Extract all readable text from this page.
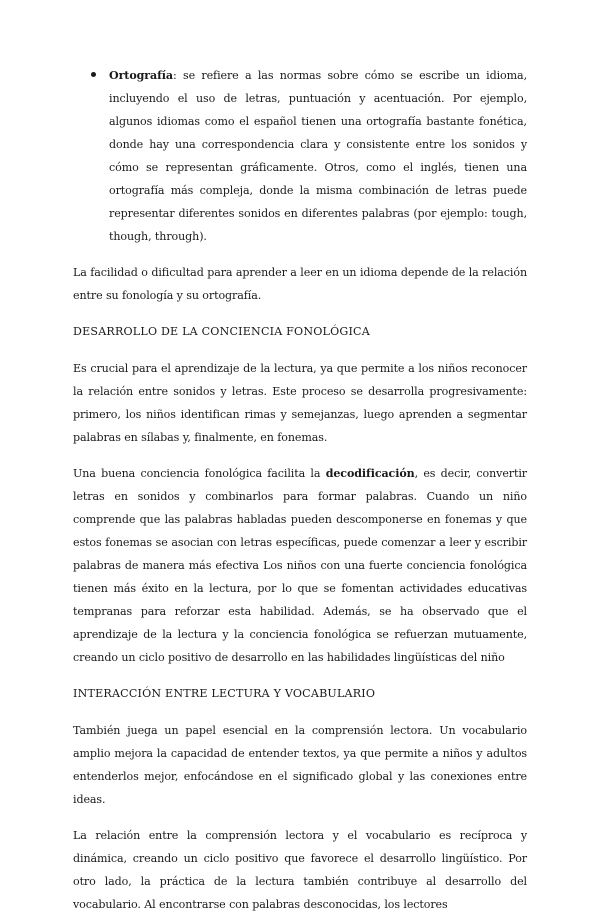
Ortografía: se refiere a las normas sobre cómo se escribe un idioma, incluyendo el uso de letras, puntuación y acentuación. Por ejemplo, algunos idiomas como el español tienen una ortografía bastante fonética, donde hay una correspondencia clara y consistente entre los sonidos y cómo se representan gráficamente. Otros, como el inglés, tienen una ortografía más compleja, donde la misma combinación de letras puede representar diferentes sonidos en diferentes palabras (por ejemplo: tough, though, through).

La facilidad o dificultad para aprender a leer en un idioma depende de la relación entre su fonología y su ortografía.

DESARROLLO DE LA CONCIENCIA FONOLÓGICA

Es crucial para el aprendizaje de la lectura, ya que permite a los niños reconocer la relación entre sonidos y letras. Este proceso se desarrolla progresivamente: primero, los niños identifican rimas y semejanzas, luego aprenden a segmentar palabras en sílabas y, finalmente, en fonemas.

Una buena conciencia fonológica facilita la decodificación, es decir, convertir letras en sonidos y combinarlos para formar palabras. Cuando un niño comprende que las palabras habladas pueden descomponerse en fonemas y que estos fonemas se asocian con letras específicas, puede comenzar a leer y escribir palabras de manera más efectiva Los niños con una fuerte conciencia fonológica tienen más éxito en la lectura, por lo que se fomentan actividades educativas tempranas para reforzar esta habilidad. Además, se ha observado que el aprendizaje de la lectura y la conciencia fonológica se refuerzan mutuamente, creando un ciclo positivo de desarrollo en las habilidades lingüísticas del niño

INTERACCIÓN ENTRE LECTURA Y VOCABULARIO

También juega un papel esencial en la comprensión lectora. Un vocabulario amplio mejora la capacidad de entender textos, ya que permite a niños y adultos entenderlos mejor, enfocándose en el significado global y las conexiones entre ideas.

La relación entre la comprensión lectora y el vocabulario es recíproca y dinámica, creando un ciclo positivo que favorece el desarrollo lingüístico. Por otro lado, la práctica de la lectura también contribuye al desarrollo del vocabulario. Al encontrarse con palabras desconocidas, los lectores
